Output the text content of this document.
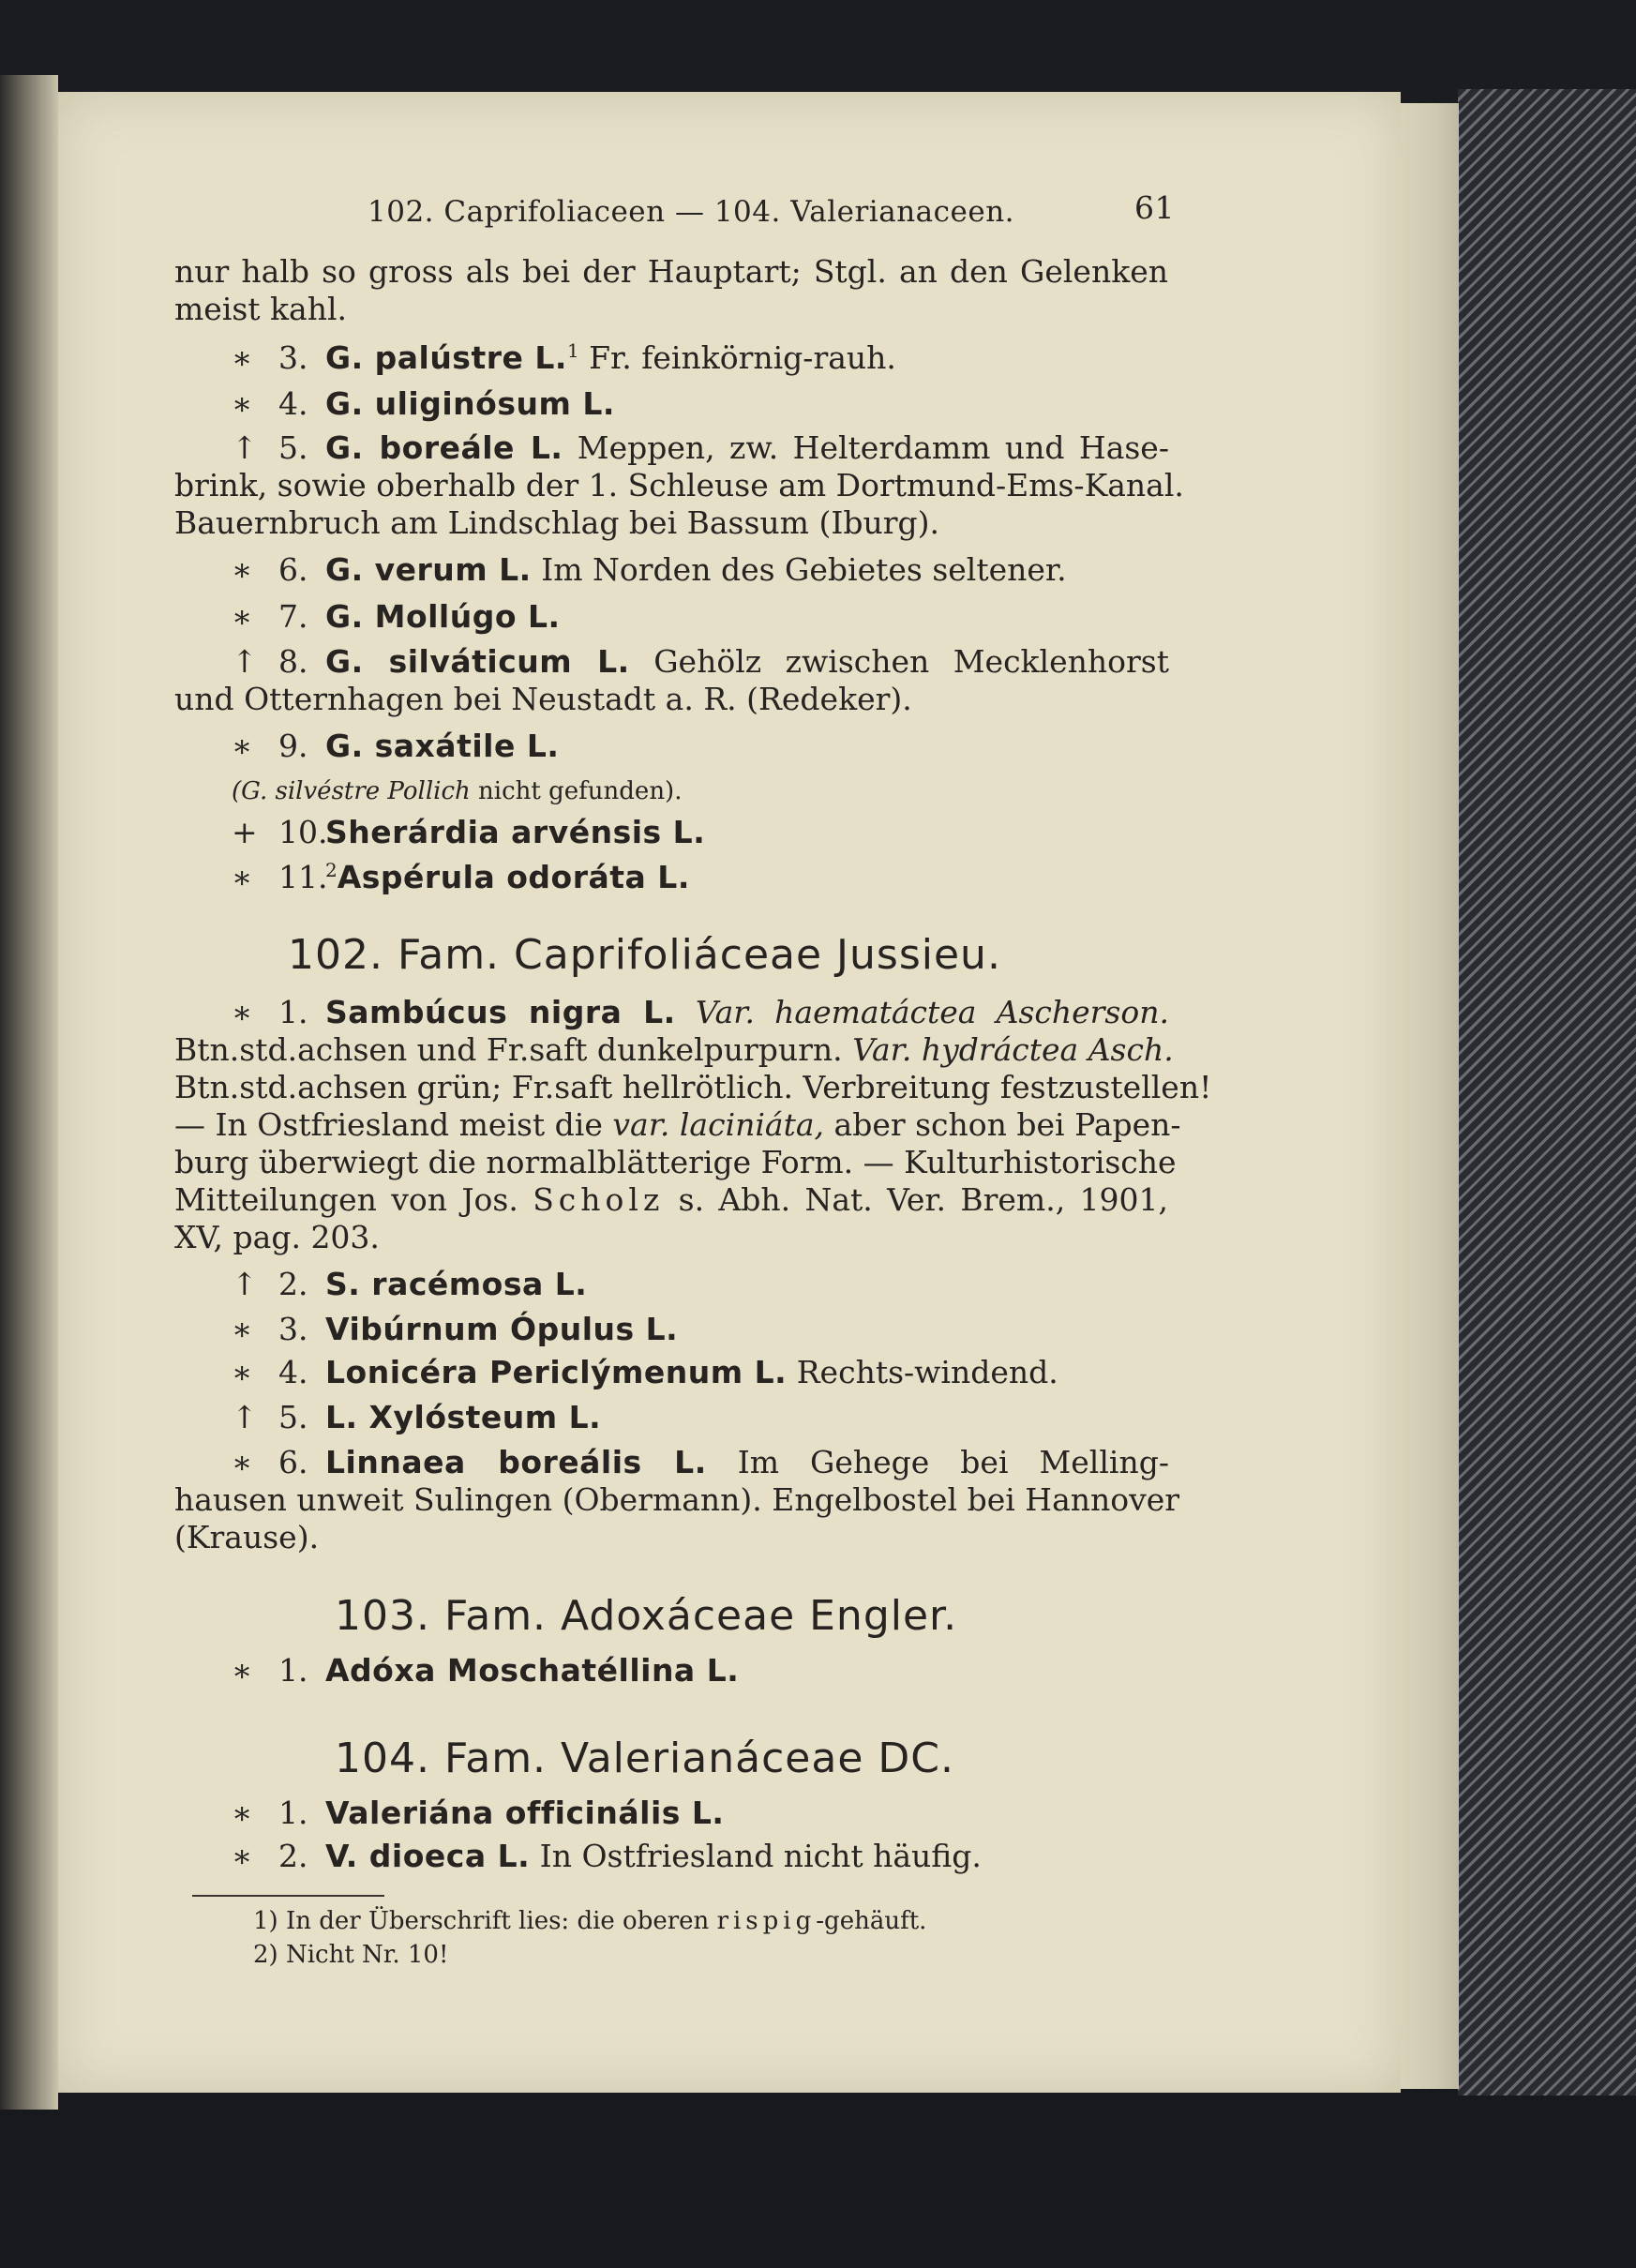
102. Caprifoliaceen — 104. Valerianaceen.	61
nur halb so gross als bei der Hauptart; Stgl. an den Gelenken
meist kahl.
∗ 3. G. palústre L.$^1$ Fr. feinkörnig-rauh.
∗ 4. G. uliginósum L.
↑ 5. G. boreále L. Meppen, zw. Helterdamm und Hase-
brink, sowie oberhalb der 1. Schleuse am Dortmund-Ems-Kanal.
Bauernbruch am Lindschlag bei Bassum (Iburg).
∗ 6. G. verum L. Im Norden des Gebietes seltener.
∗ 7. G. Mollúgo L.
↑ 8. G. silváticum L. Gehölz zwischen Mecklenhorst
und Otternhagen bei Neustadt a. R. (Redeker).
∗ 9. G. saxátile L.
(G. silvéstre Pollich nicht gefunden).
+ 10.Sherárdia arvénsis L.
∗ 11.$^2$Aspérula odoráta L.
102. Fam. Caprifoliáceae Jussieu.
∗ 1. Sambúcus nigra L. Var. haematáctea Ascherson.
Btn.std.achsen und Fr.saft dunkelpurpurn. Var. hydráctea Asch.
Btn.std.achsen grün; Fr.saft hellrötlich. Verbreitung festzustellen!
— In Ostfriesland meist die var. laciniáta, aber schon bei Papen-
burg überwiegt die normalblätterige Form. — Kulturhistorische
Mitteilungen von Jos. Scholz s. Abh. Nat. Ver. Brem., 1901,
XV, pag. 203.
↑ 2. S. racémosa L.
∗ 3. Vibúrnum Ópulus L.
∗ 4. Lonicéra Periclýmenum L. Rechts-windend.
↑ 5. L. Xylósteum L.
∗ 6. Linnaea boreális L. Im Gehege bei Melling-
hausen unweit Sulingen (Obermann). Engelbostel bei Hannover
(Krause).
103. Fam. Adoxáceae Engler.
∗ 1. Adóxa Moschatéllina L.
104. Fam. Valerianáceae DC.
∗ 1. Valeriána officinális L.
∗ 2. V. dioeca L. In Ostfriesland nicht häufig.
1) In der Überschrift lies: die oberen rispig-gehäuft.
2) Nicht Nr. 10!
